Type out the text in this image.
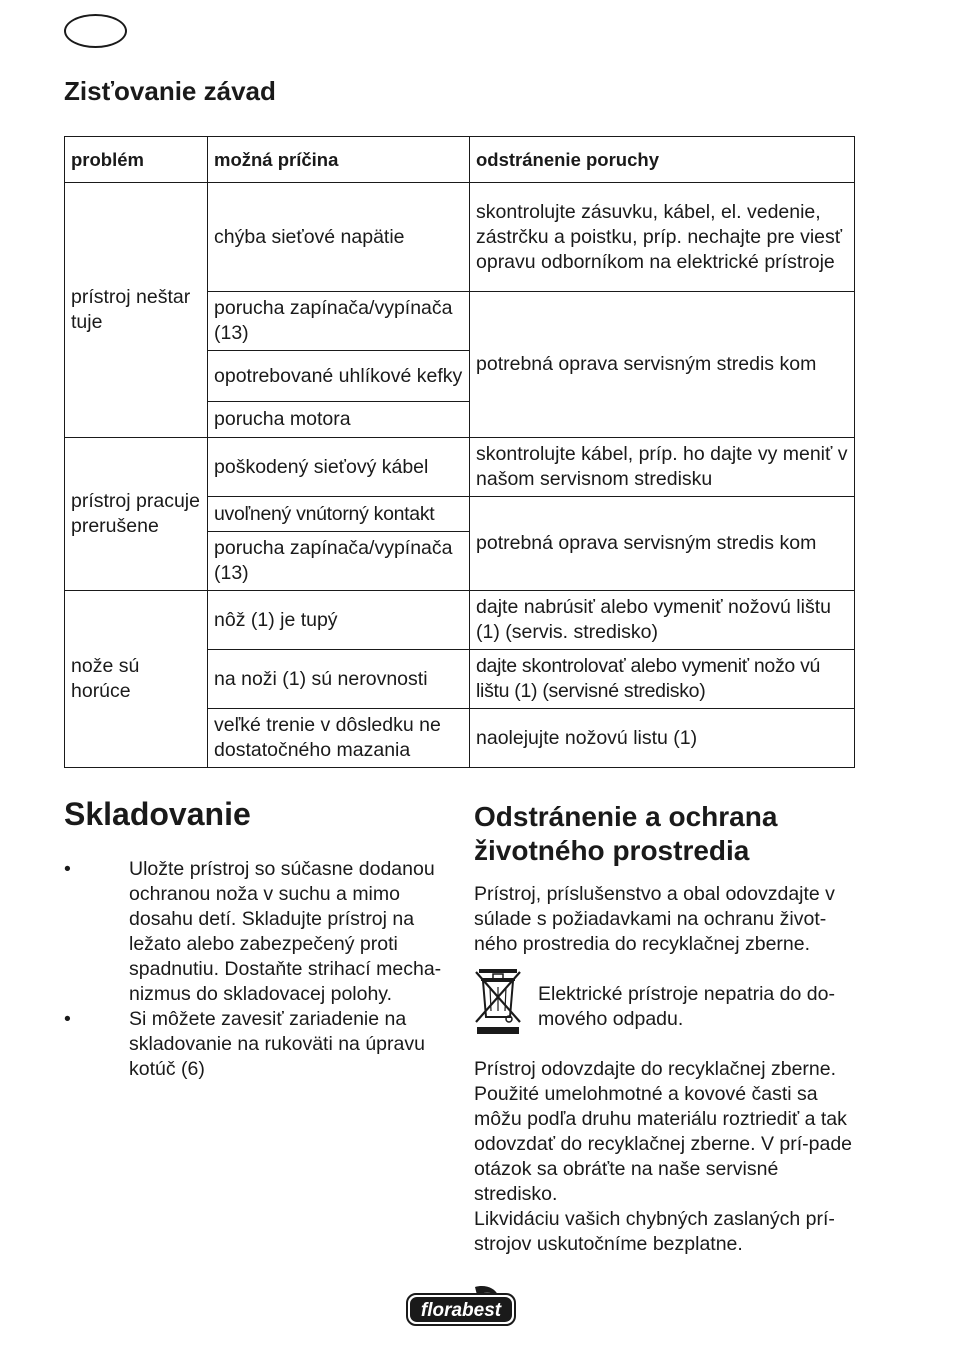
Zisťovanie závad
problém	možná príčina	odstránenie poruchy
prístroj neštar tuje	chýba sieťové napätie	skontrolujte zásuvku, kábel, el. vedenie, zástrčku a poistku, príp. nechajte pre viesť opravu odborníkom na elektrické prístroje
	porucha zapínača/vypínača (13)	potrebná oprava servisným stredis kom
	opotrebované uhlíkové kefky	
	porucha motora	
prístroj pracuje prerušene	poškodený sieťový kábel	skontrolujte kábel, príp. ho dajte vy meniť v našom servisnom stredisku
	uvoľnený vnútorný kontakt	potrebná oprava servisným stredis kom
	porucha zapínača/vypínača (13)	
nože sú horúce	nôž (1) je tupý	dajte nabrúsiť alebo vymeniť nožovú lištu (1) (servis. stredisko)
	na noži (1) sú nerovnosti	dajte skontrolovať alebo vymeniť nožo vú lištu (1) (servisné stredisko)
	veľké trenie v dôsledku ne dostatočného mazania	naolejujte nožovú listu (1)
Skladovanie
•	Uložte prístroj so súčasne dodanou ochranou noža v suchu a mimo dosahu detí. Skladujte prístroj na ležato alebo zabezpečený proti spadnutiu. Dostaňte strihací mecha-nizmus do skladovacej polohy.
•	Si môžete zavesiť zariadenie na skladovanie na rukoväti na úpravu kotúč (6)
Odstránenie a ochrana životného prostredia

Prístroj, príslušenstvo a obal odovzdajte v súlade s požiadavkami na ochranu život-ného prostredia do recyklačnej zberne.

Elektrické prístroje nepatria do do-mového odpadu.

Prístroj odovzdajte do recyklačnej zberne. Použité umelohmotné a kovové časti sa môžu podľa druhu materiálu roztriediť a tak odovzdať do recyklačnej zberne. V prí-pade otázok sa obráťte na naše servisné stredisko.

Likvidáciu vašich chybných zaslaných prí-strojov uskutočníme bezplatne.

florabest
